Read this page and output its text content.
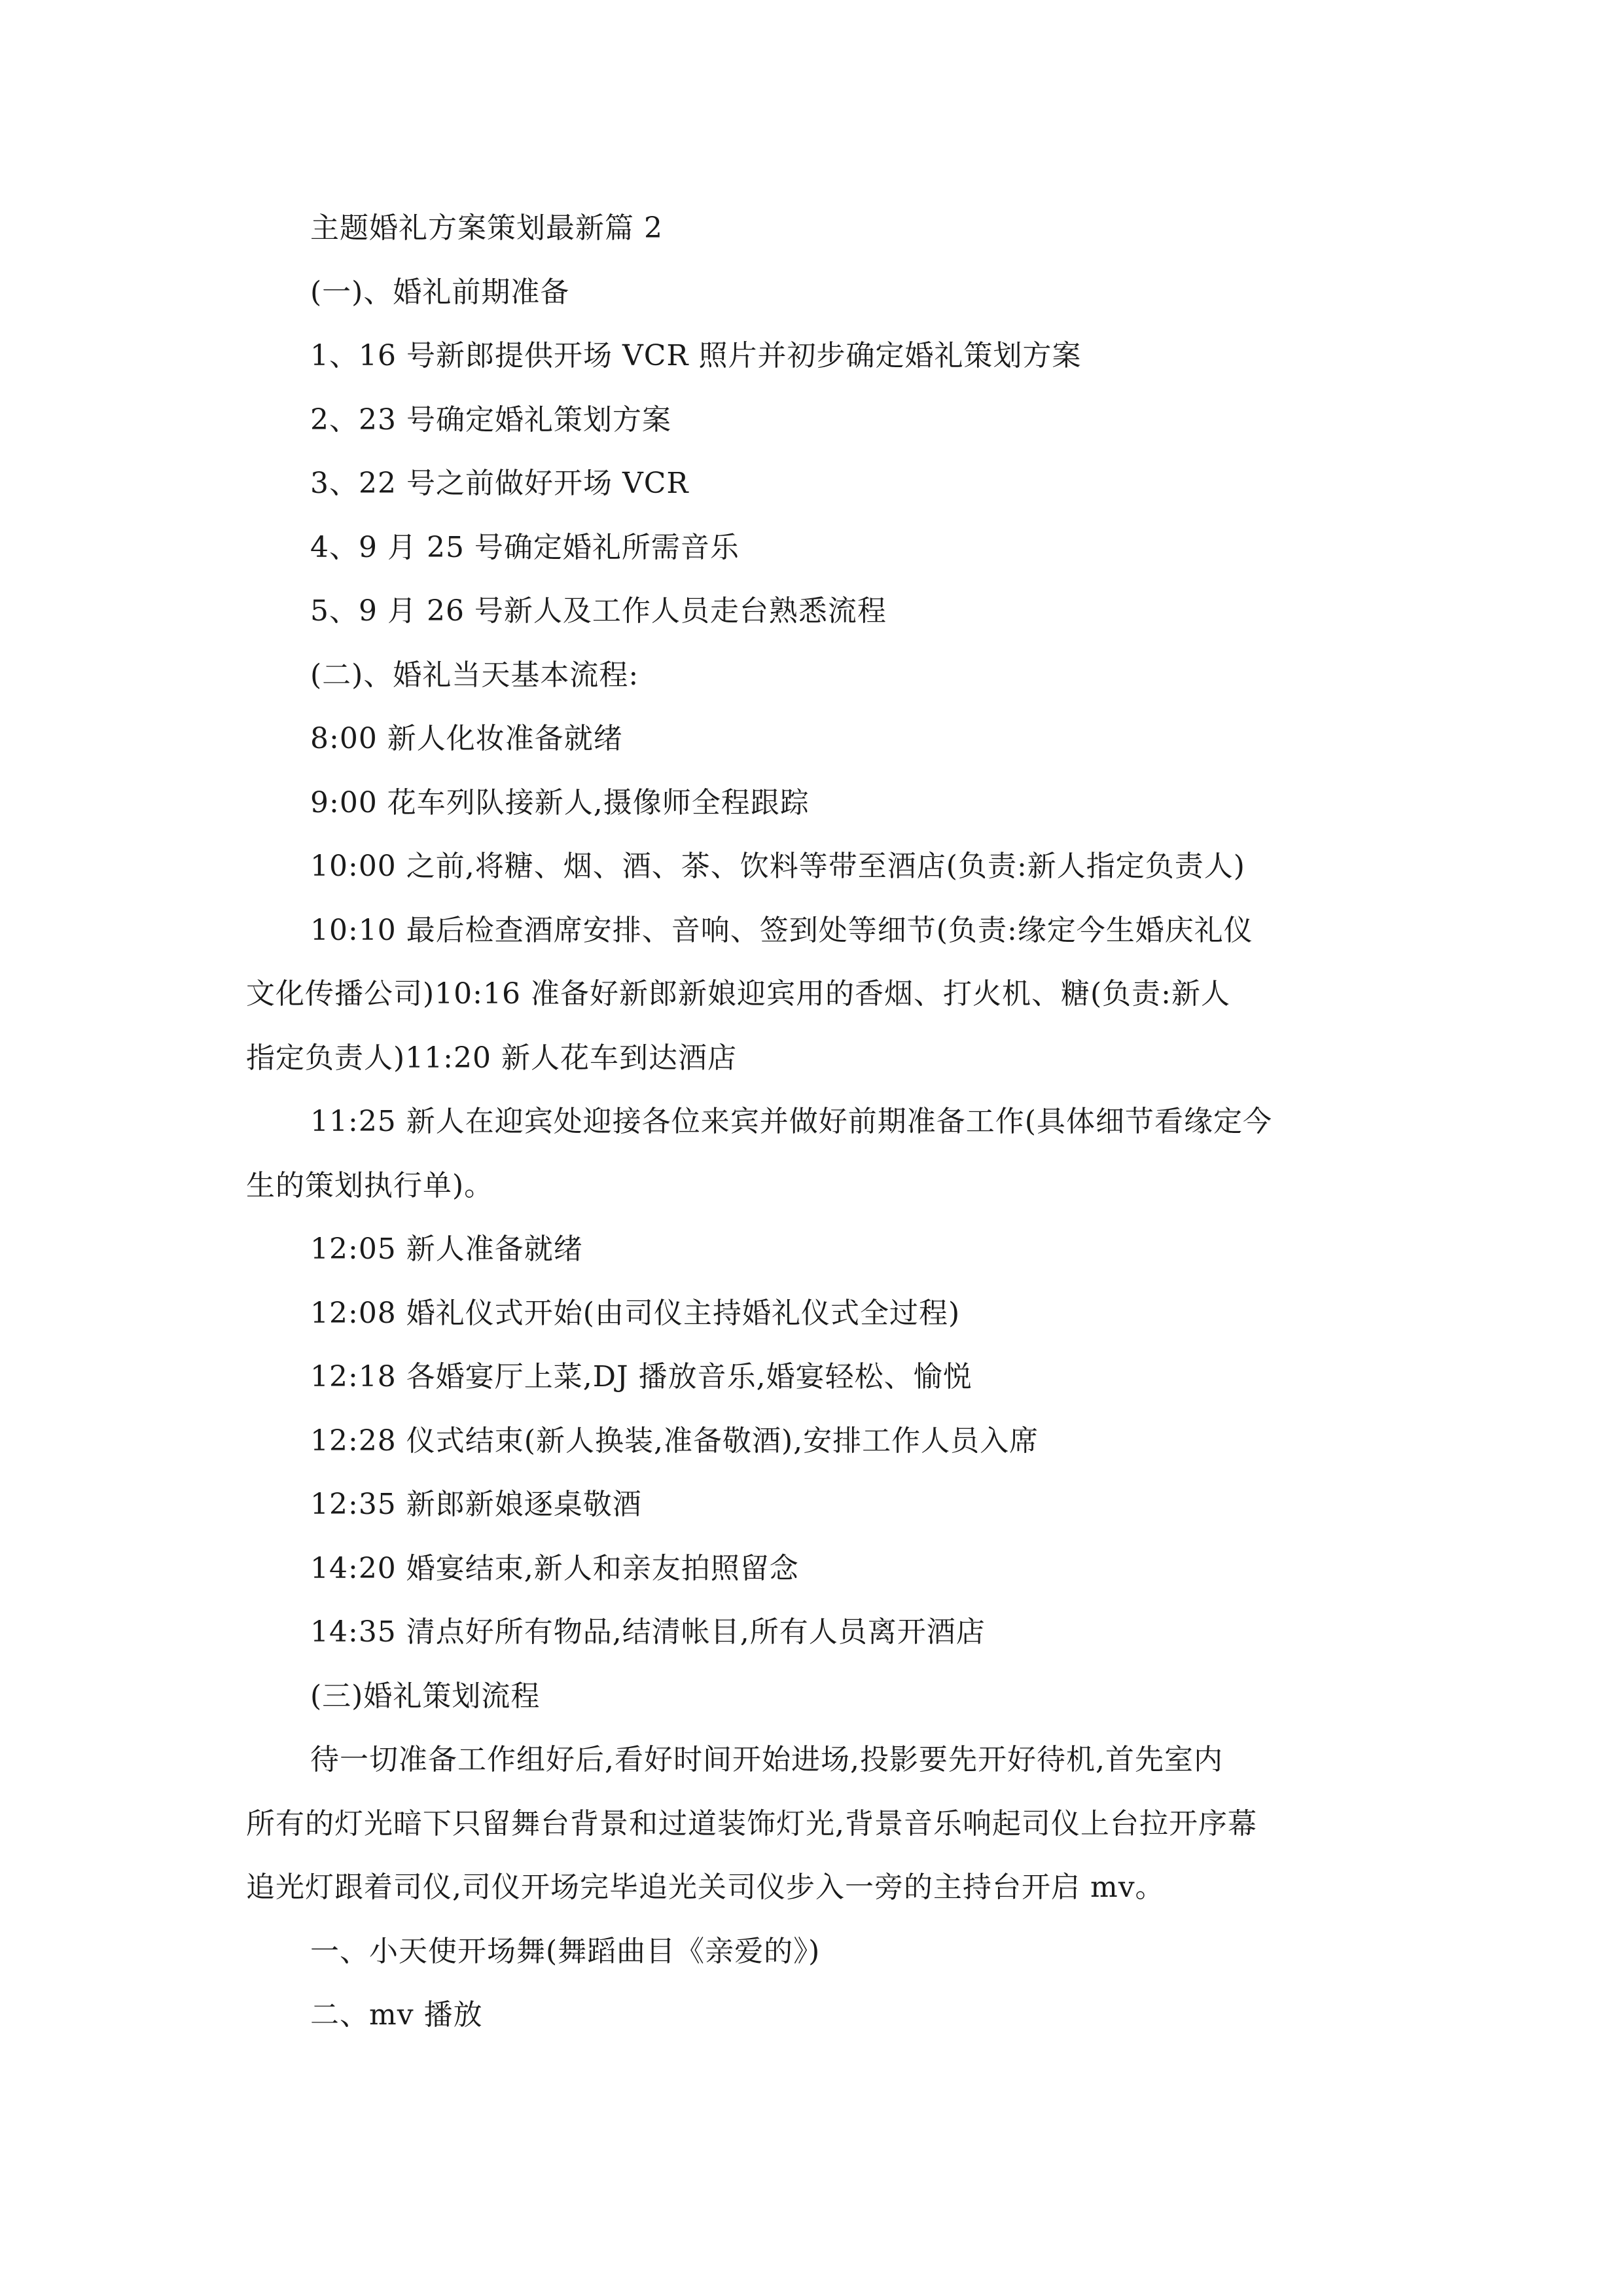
主题婚礼方案策划最新篇 2
(一)、婚礼前期准备
1、16 号新郎提供开场 VCR 照片并初步确定婚礼策划方案
2、23 号确定婚礼策划方案
3、22 号之前做好开场 VCR
4、9 月 25 号确定婚礼所需音乐
5、9 月 26 号新人及工作人员走台熟悉流程
(二)、婚礼当天基本流程:
8:00 新人化妆准备就绪
9:00 花车列队接新人,摄像师全程跟踪
10:00 之前,将糖、烟、酒、茶、饮料等带至酒店(负责:新人指定负责人)
10:10 最后检查酒席安排、音响、签到处等细节(负责:缘定今生婚庆礼仪
文化传播公司)10:16 准备好新郎新娘迎宾用的香烟、打火机、糖(负责:新人
指定负责人)11:20 新人花车到达酒店
11:25 新人在迎宾处迎接各位来宾并做好前期准备工作(具体细节看缘定今
生的策划执行单)。
12:05 新人准备就绪
12:08 婚礼仪式开始(由司仪主持婚礼仪式全过程)
12:18 各婚宴厅上菜,DJ 播放音乐,婚宴轻松、愉悦
12:28 仪式结束(新人换装,准备敬酒),安排工作人员入席
12:35 新郎新娘逐桌敬酒
14:20 婚宴结束,新人和亲友拍照留念
14:35 清点好所有物品,结清帐目,所有人员离开酒店
(三)婚礼策划流程
待一切准备工作组好后,看好时间开始进场,投影要先开好待机,首先室内
所有的灯光暗下只留舞台背景和过道装饰灯光,背景音乐响起司仪上台拉开序幕
追光灯跟着司仪,司仪开场完毕追光关司仪步入一旁的主持台开启 mv。
一、小天使开场舞(舞蹈曲目《亲爱的》)
二、mv 播放
